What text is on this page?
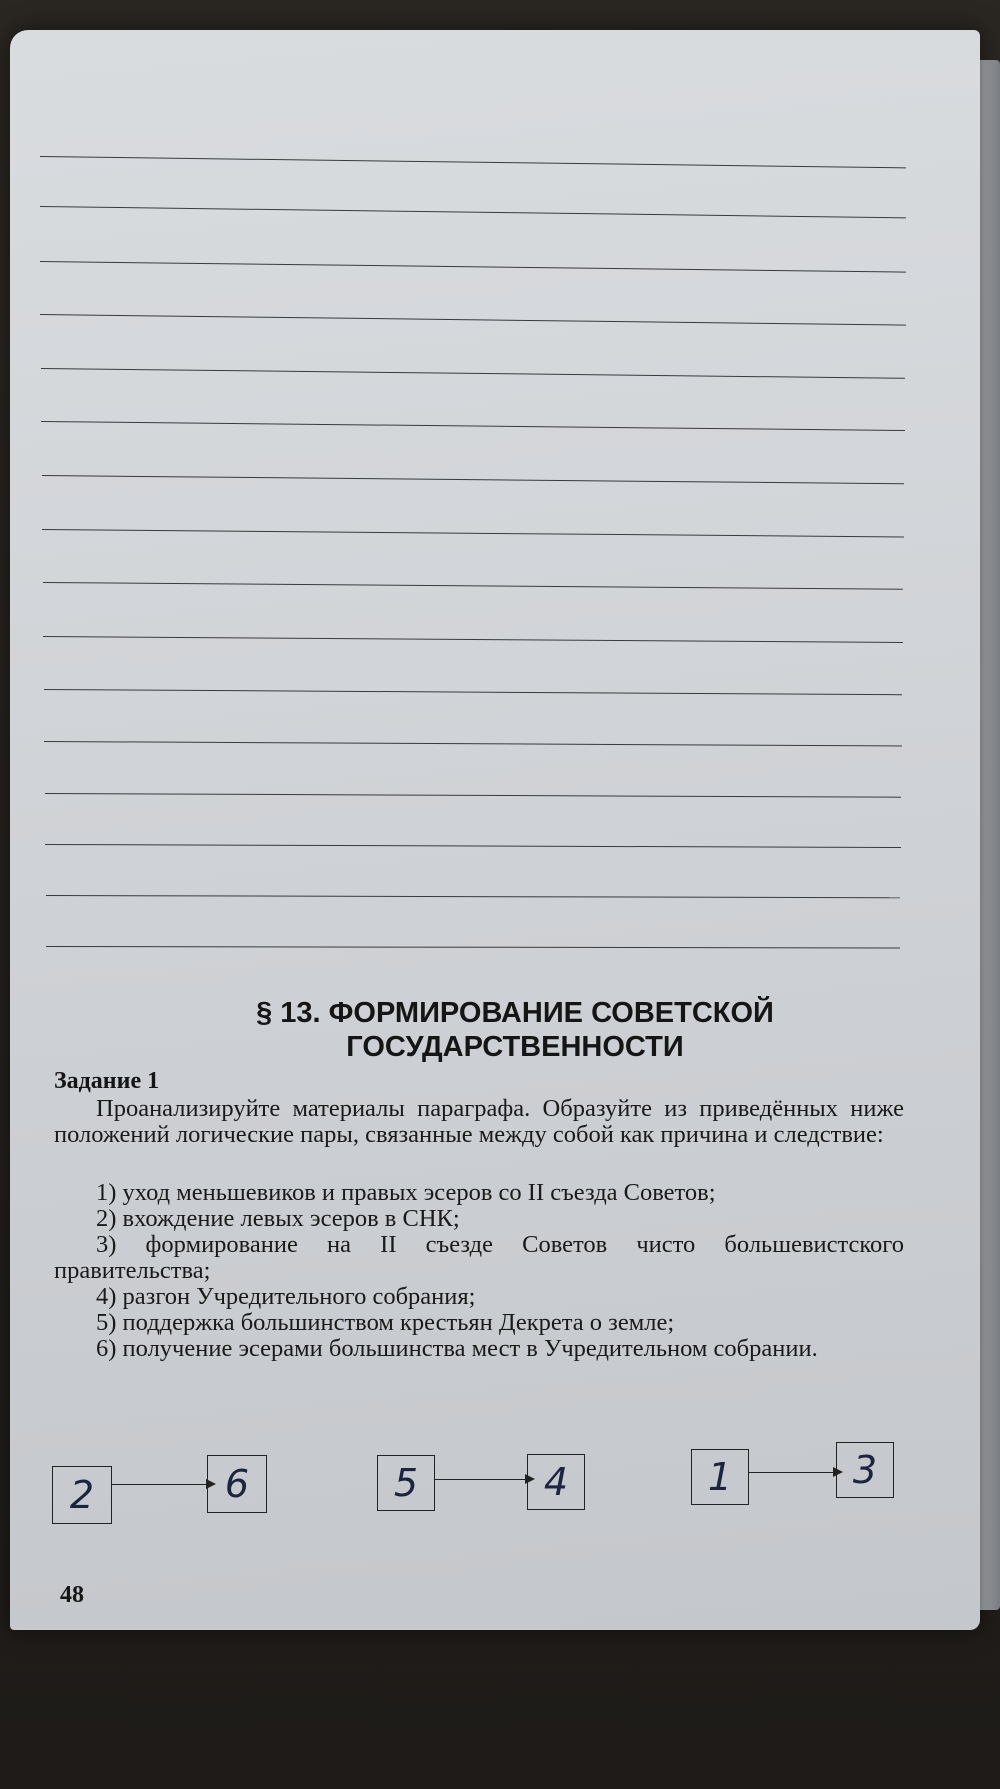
§ 13. ФОРМИРОВАНИЕ СОВЕТСКОЙ ГОСУДАРСТВЕННОСТИ
Задание 1
Проанализируйте материалы параграфа. Образуйте из приведённых ниже положений логические пары, связанные между собой как причина и следствие:
1) уход меньшевиков и правых эсеров со II съезда Советов;
2) вхождение левых эсеров в СНК;
3) формирование на II съезде Советов чисто большевистского правительства;
4) разгон Учредительного собрания;
5) поддержка большинством крестьян Декрета о земле;
6) получение эсерами большинства мест в Учредительном собрании.
2	6	5	4	1	3
48
